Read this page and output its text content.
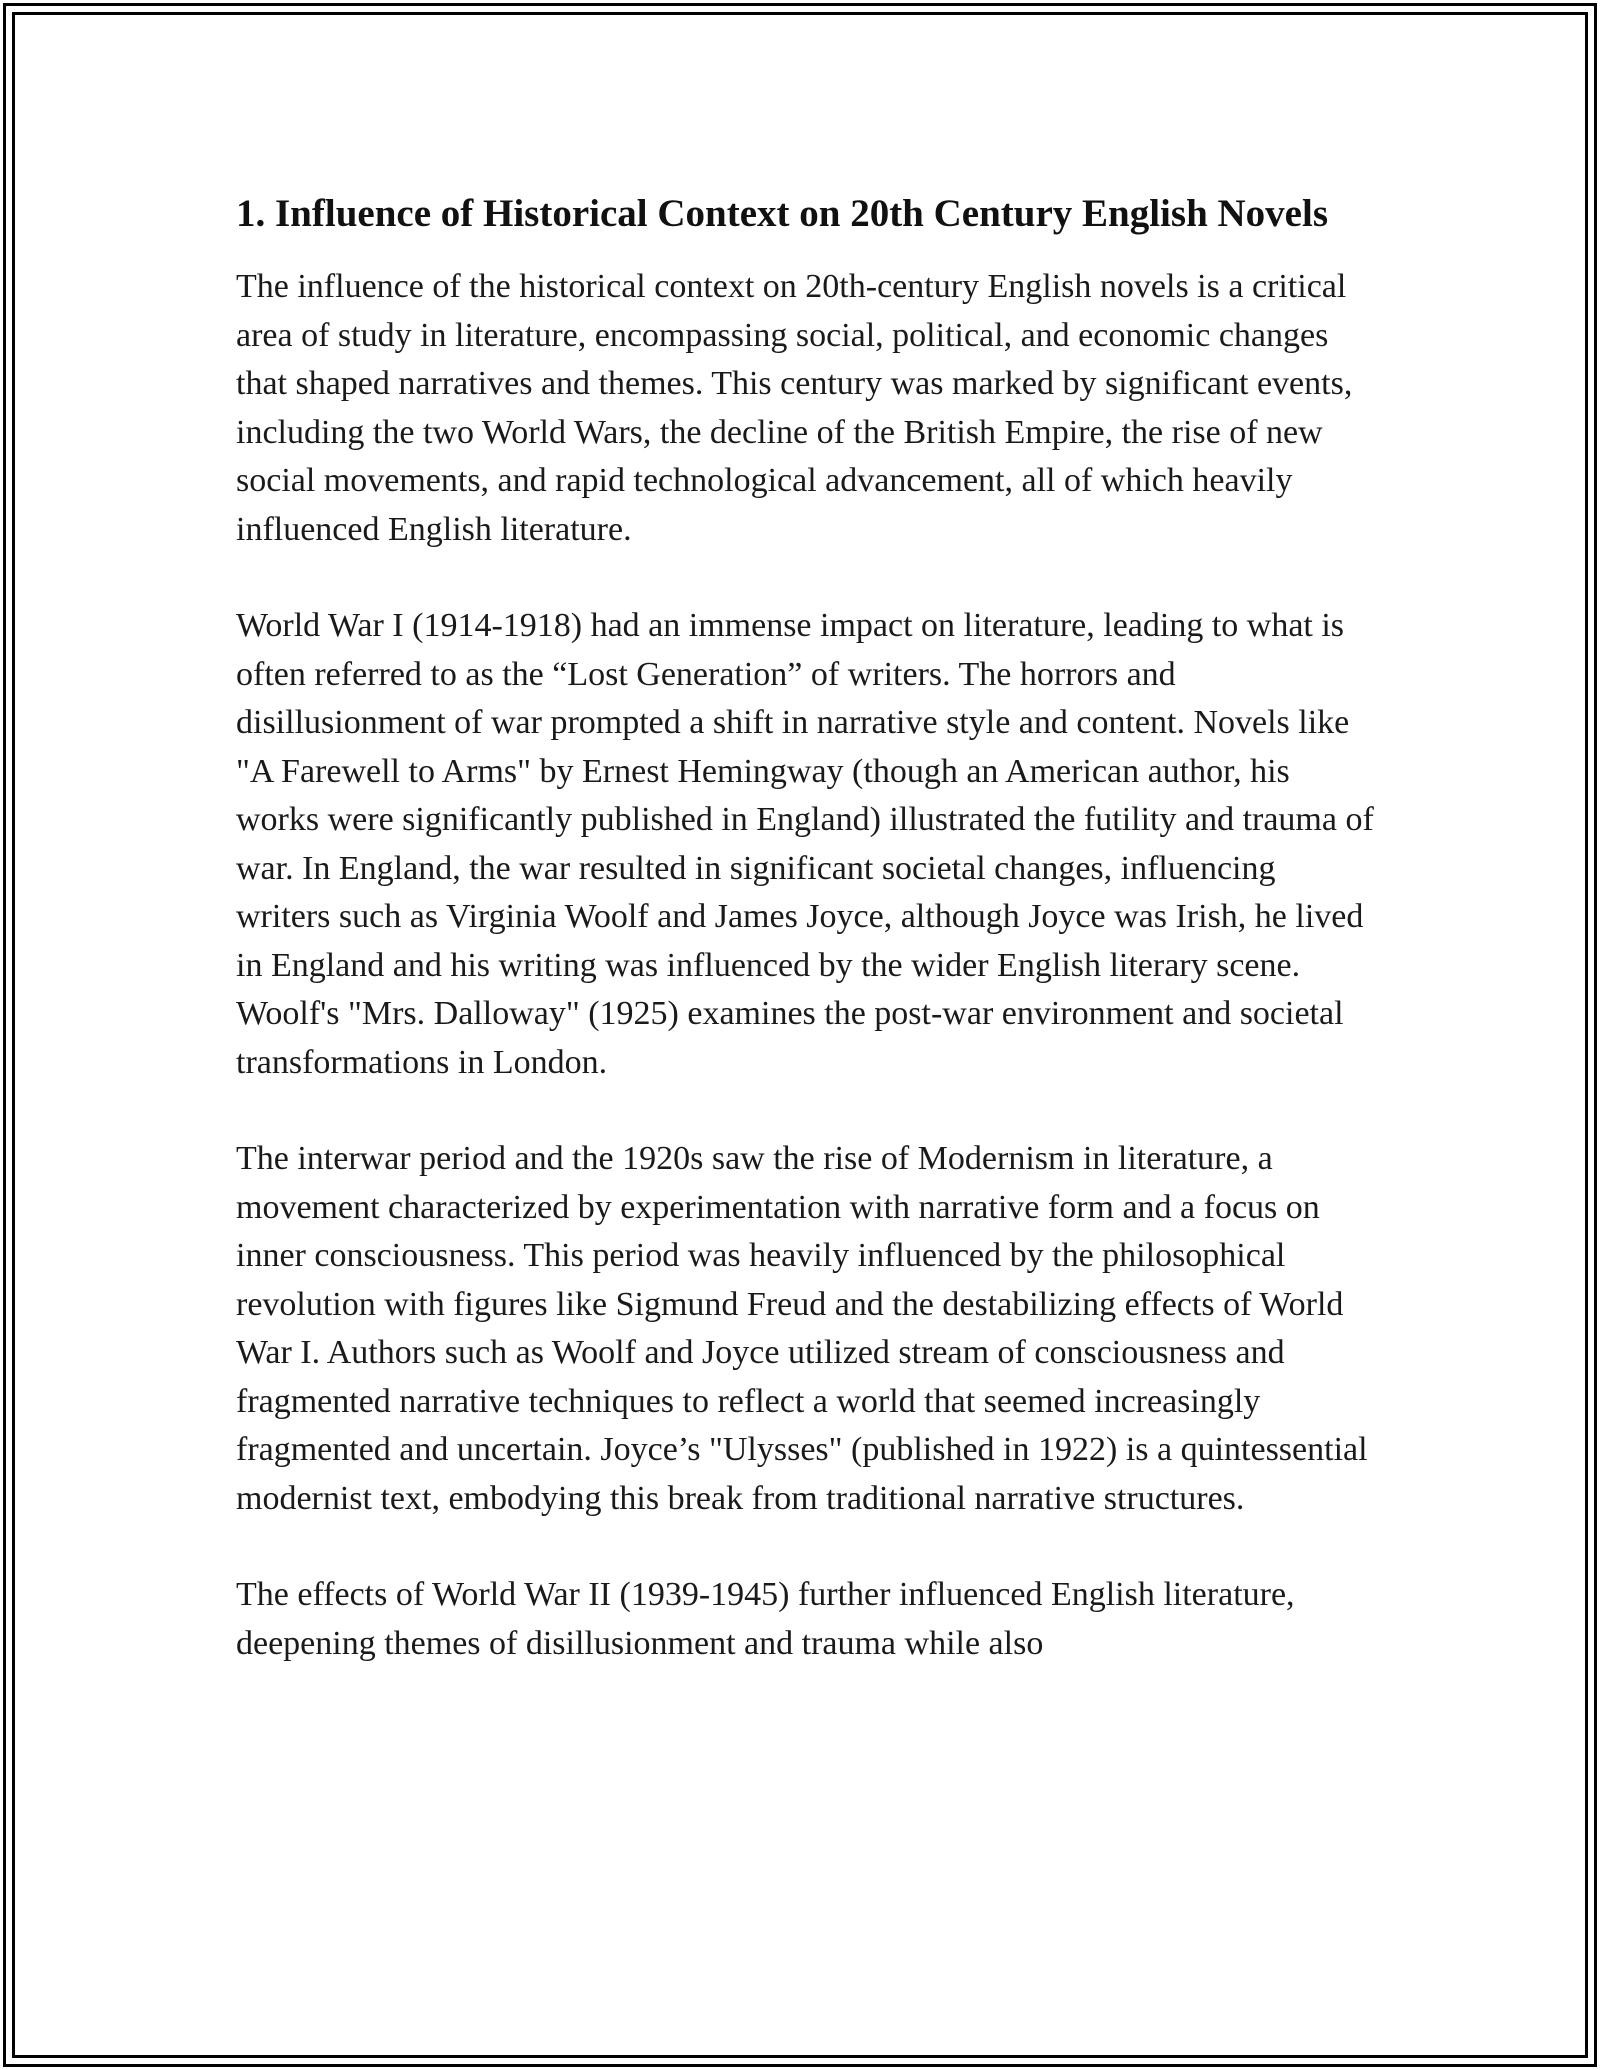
1. Influence of Historical Context on 20th Century English Novels

The influence of the historical context on 20th-century English novels is a critical area of study in literature, encompassing social, political, and economic changes that shaped narratives and themes. This century was marked by significant events, including the two World Wars, the decline of the British Empire, the rise of new social movements, and rapid technological advancement, all of which heavily influenced English literature.

World War I (1914-1918) had an immense impact on literature, leading to what is often referred to as the “Lost Generation” of writers. The horrors and disillusionment of war prompted a shift in narrative style and content. Novels like "A Farewell to Arms" by Ernest Hemingway (though an American author, his works were significantly published in England) illustrated the futility and trauma of war. In England, the war resulted in significant societal changes, influencing writers such as Virginia Woolf and James Joyce, although Joyce was Irish, he lived in England and his writing was influenced by the wider English literary scene. Woolf's "Mrs. Dalloway" (1925) examines the post-war environment and societal transformations in London.

The interwar period and the 1920s saw the rise of Modernism in literature, a movement characterized by experimentation with narrative form and a focus on inner consciousness. This period was heavily influenced by the philosophical revolution with figures like Sigmund Freud and the destabilizing effects of World War I. Authors such as Woolf and Joyce utilized stream of consciousness and fragmented narrative techniques to reflect a world that seemed increasingly fragmented and uncertain. Joyce’s "Ulysses" (published in 1922) is a quintessential modernist text, embodying this break from traditional narrative structures.

The effects of World War II (1939-1945) further influenced English literature, deepening themes of disillusionment and trauma while also
